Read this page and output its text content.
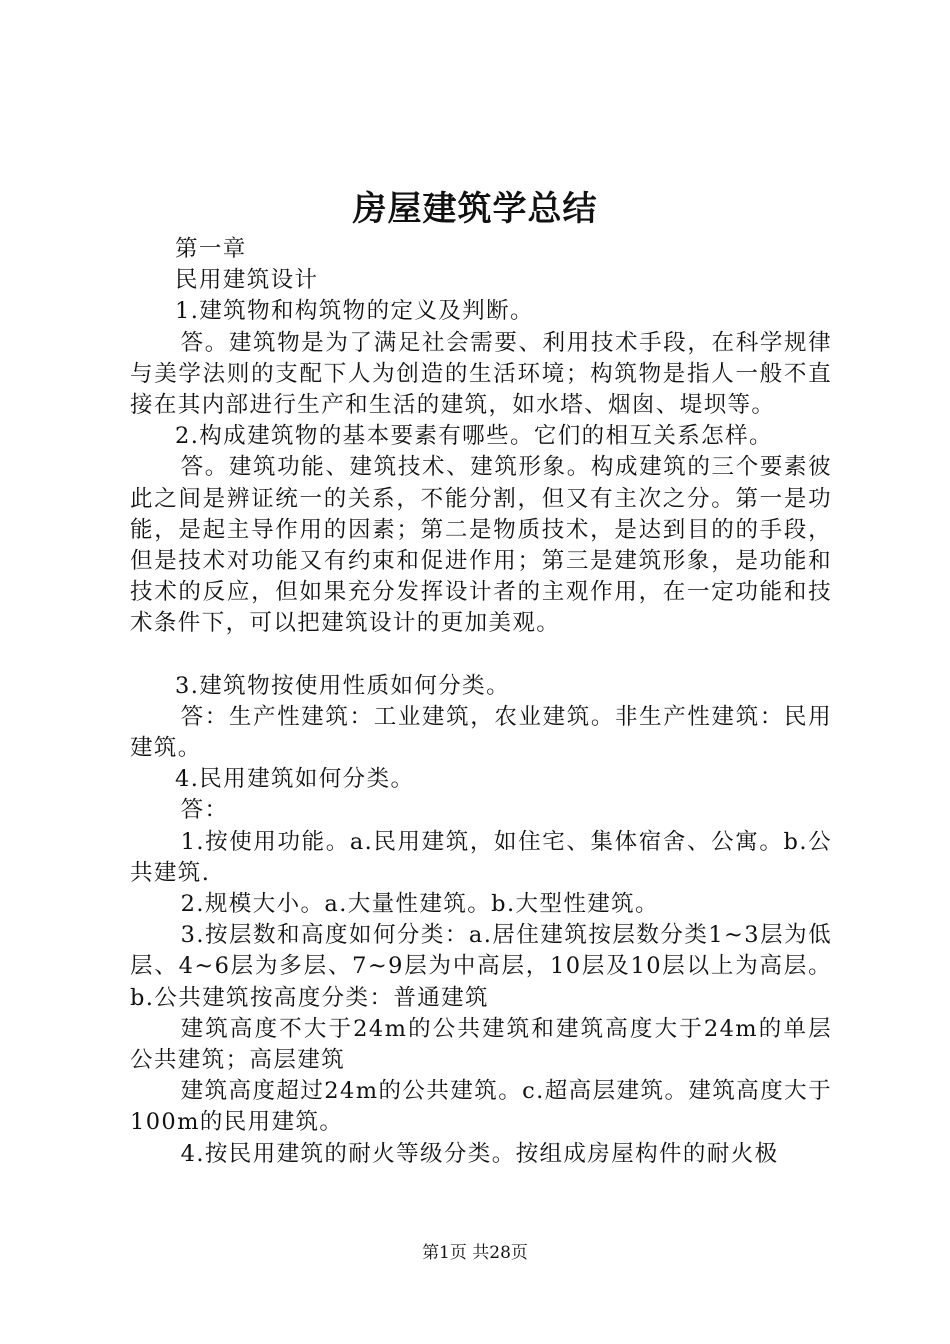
房屋建筑学总结

第一章

民用建筑设计

1.建筑物和构筑物的定义及判断。

答。建筑物是为了满足社会需要、利用技术手段，在科学规律与美学法则的支配下人为创造的生活环境；构筑物是指人一般不直接在其内部进行生产和生活的建筑，如水塔、烟囱、堤坝等。

2.构成建筑物的基本要素有哪些。它们的相互关系怎样。

答。建筑功能、建筑技术、建筑形象。构成建筑的三个要素彼此之间是辨证统一的关系，不能分割，但又有主次之分。第一是功能，是起主导作用的因素；第二是物质技术，是达到目的的手段，但是技术对功能又有约束和促进作用；第三是建筑形象，是功能和技术的反应，但如果充分发挥设计者的主观作用，在一定功能和技术条件下，可以把建筑设计的更加美观。

3.建筑物按使用性质如何分类。

答：生产性建筑：工业建筑，农业建筑。非生产性建筑：民用建筑。

4.民用建筑如何分类。

答：

1.按使用功能。a.民用建筑，如住宅、集体宿舍、公寓。b.公共建筑.

2.规模大小。a.大量性建筑。b.大型性建筑。

3.按层数和高度如何分类：a.居住建筑按层数分类1~3层为低层、4~6层为多层、7~9层为中高层，10层及10层以上为高层。b.公共建筑按高度分类：普通建筑

建筑高度不大于24m的公共建筑和建筑高度大于24m的单层公共建筑；高层建筑

建筑高度超过24m的公共建筑。c.超高层建筑。建筑高度大于100m的民用建筑。

4.按民用建筑的耐火等级分类。按组成房屋构件的耐火极

第1页 共28页
